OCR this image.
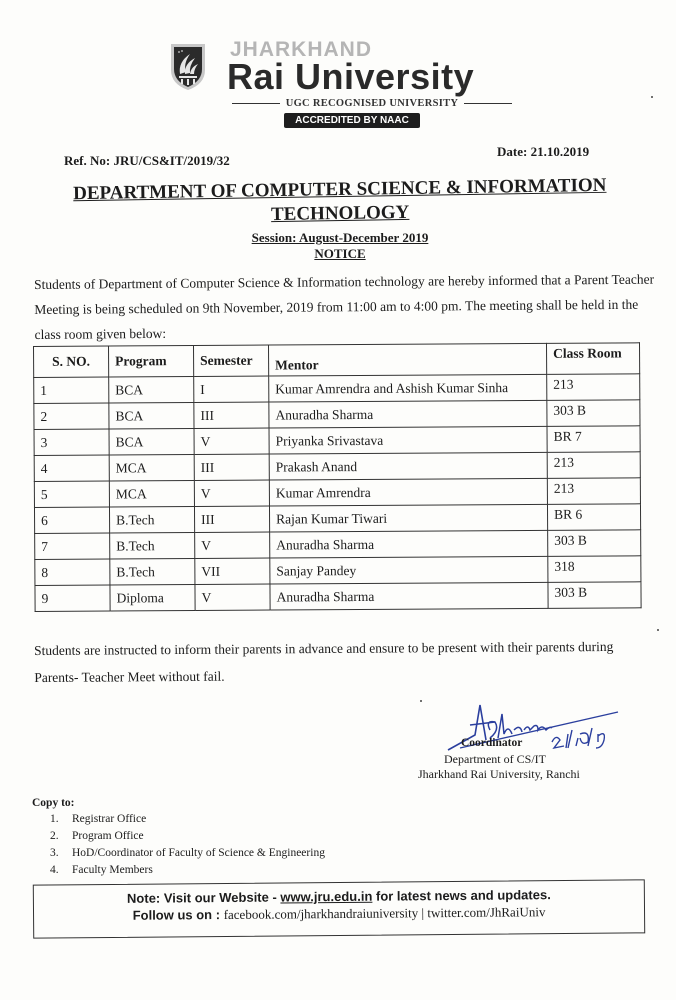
JHARKHAND
Rai University
UGC RECOGNISED UNIVERSITY
ACCREDITED BY NAAC
Ref. No: JRU/CS&IT/2019/32
Date: 21.10.2019
DEPARTMENT OF COMPUTER SCIENCE & INFORMATION
TECHNOLOGY
Session: August-December 2019
NOTICE
Students of Department of Computer Science & Information technology are hereby informed that a Parent Teacher Meeting is being scheduled on 9th November, 2019 from 11:00 am to 4:00 pm. The meeting shall be held in the class room given below:
S. NO.	Program	Semester	Mentor	Class Room
1	BCA	I	Kumar Amrendra and Ashish Kumar Sinha	213
2	BCA	III	Anuradha Sharma	303 B
3	BCA	V	Priyanka Srivastava	BR 7
4	MCA	III	Prakash Anand	213
5	MCA	V	Kumar Amrendra	213
6	B.Tech	III	Rajan Kumar Tiwari	BR 6
7	B.Tech	V	Anuradha Sharma	303 B
8	B.Tech	VII	Sanjay Pandey	318
9	Diploma	V	Anuradha Sharma	303 B
Students are instructed to inform their parents in advance and ensure to be present with their parents during Parents- Teacher Meet without fail.
Coordinator
Department of CS/IT
Jharkhand Rai University, Ranchi
Copy to:
1.	Registrar Office
2.	Program Office
3.	HoD/Coordinator of Faculty of Science & Engineering
4.	Faculty Members
Note: Visit our Website - www.jru.edu.in for latest news and updates.
Follow us on : facebook.com/jharkhandraiuniversity | twitter.com/JhRaiUniv
